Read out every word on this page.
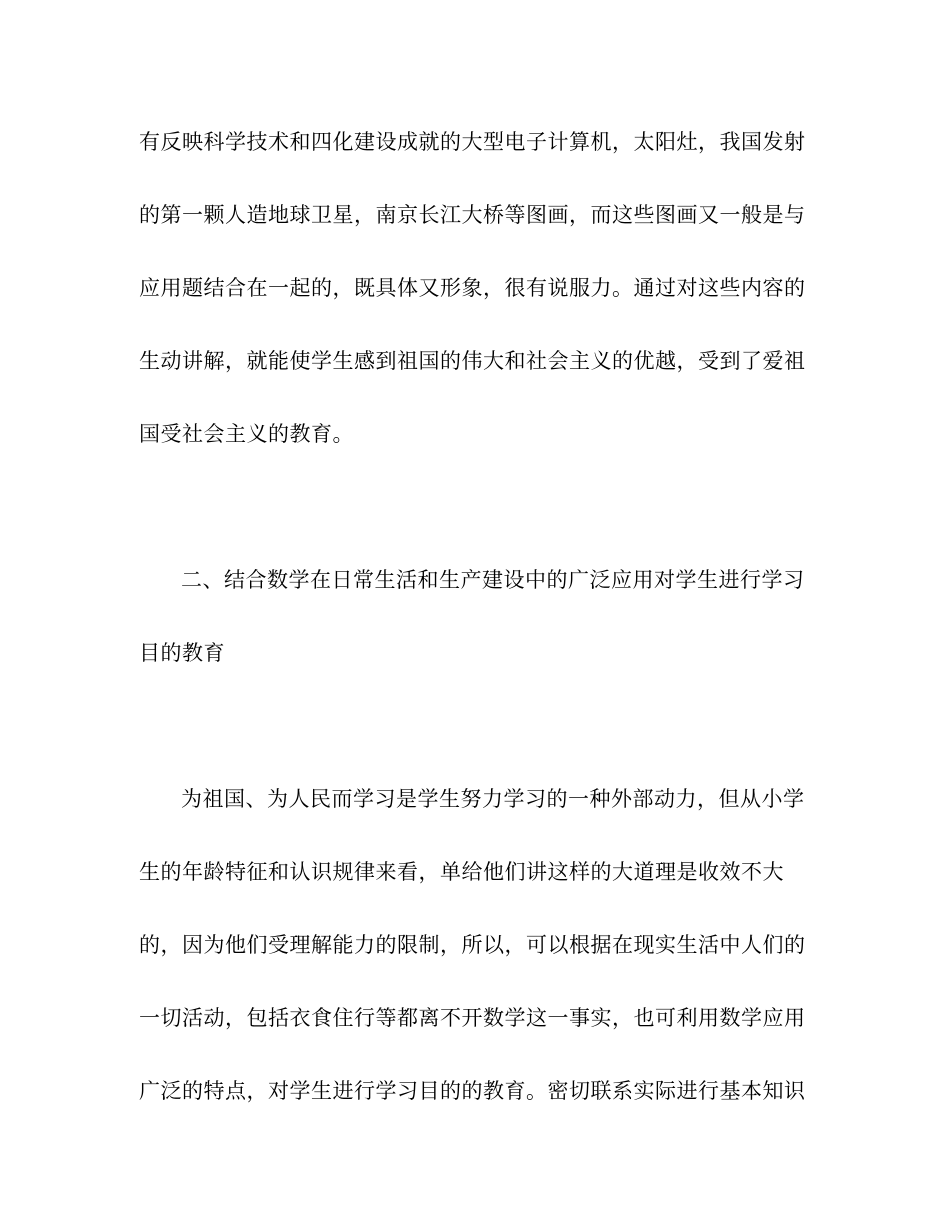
有反映科学技术和四化建设成就的大型电子计算机，太阳灶，我国发射
的第一颗人造地球卫星，南京长江大桥等图画，而这些图画又一般是与
应用题结合在一起的，既具体又形象，很有说服力。通过对这些内容的
生动讲解，就能使学生感到祖国的伟大和社会主义的优越，受到了爱祖
国受社会主义的教育。
二、结合数学在日常生活和生产建设中的广泛应用对学生进行学习
目的教育
为祖国、为人民而学习是学生努力学习的一种外部动力，但从小学
生的年龄特征和认识规律来看，单给他们讲这样的大道理是收效不大
的，因为他们受理解能力的限制，所以，可以根据在现实生活中人们的
一切活动，包括衣食住行等都离不开数学这一事实，也可利用数学应用
广泛的特点，对学生进行学习目的的教育。密切联系实际进行基本知识
